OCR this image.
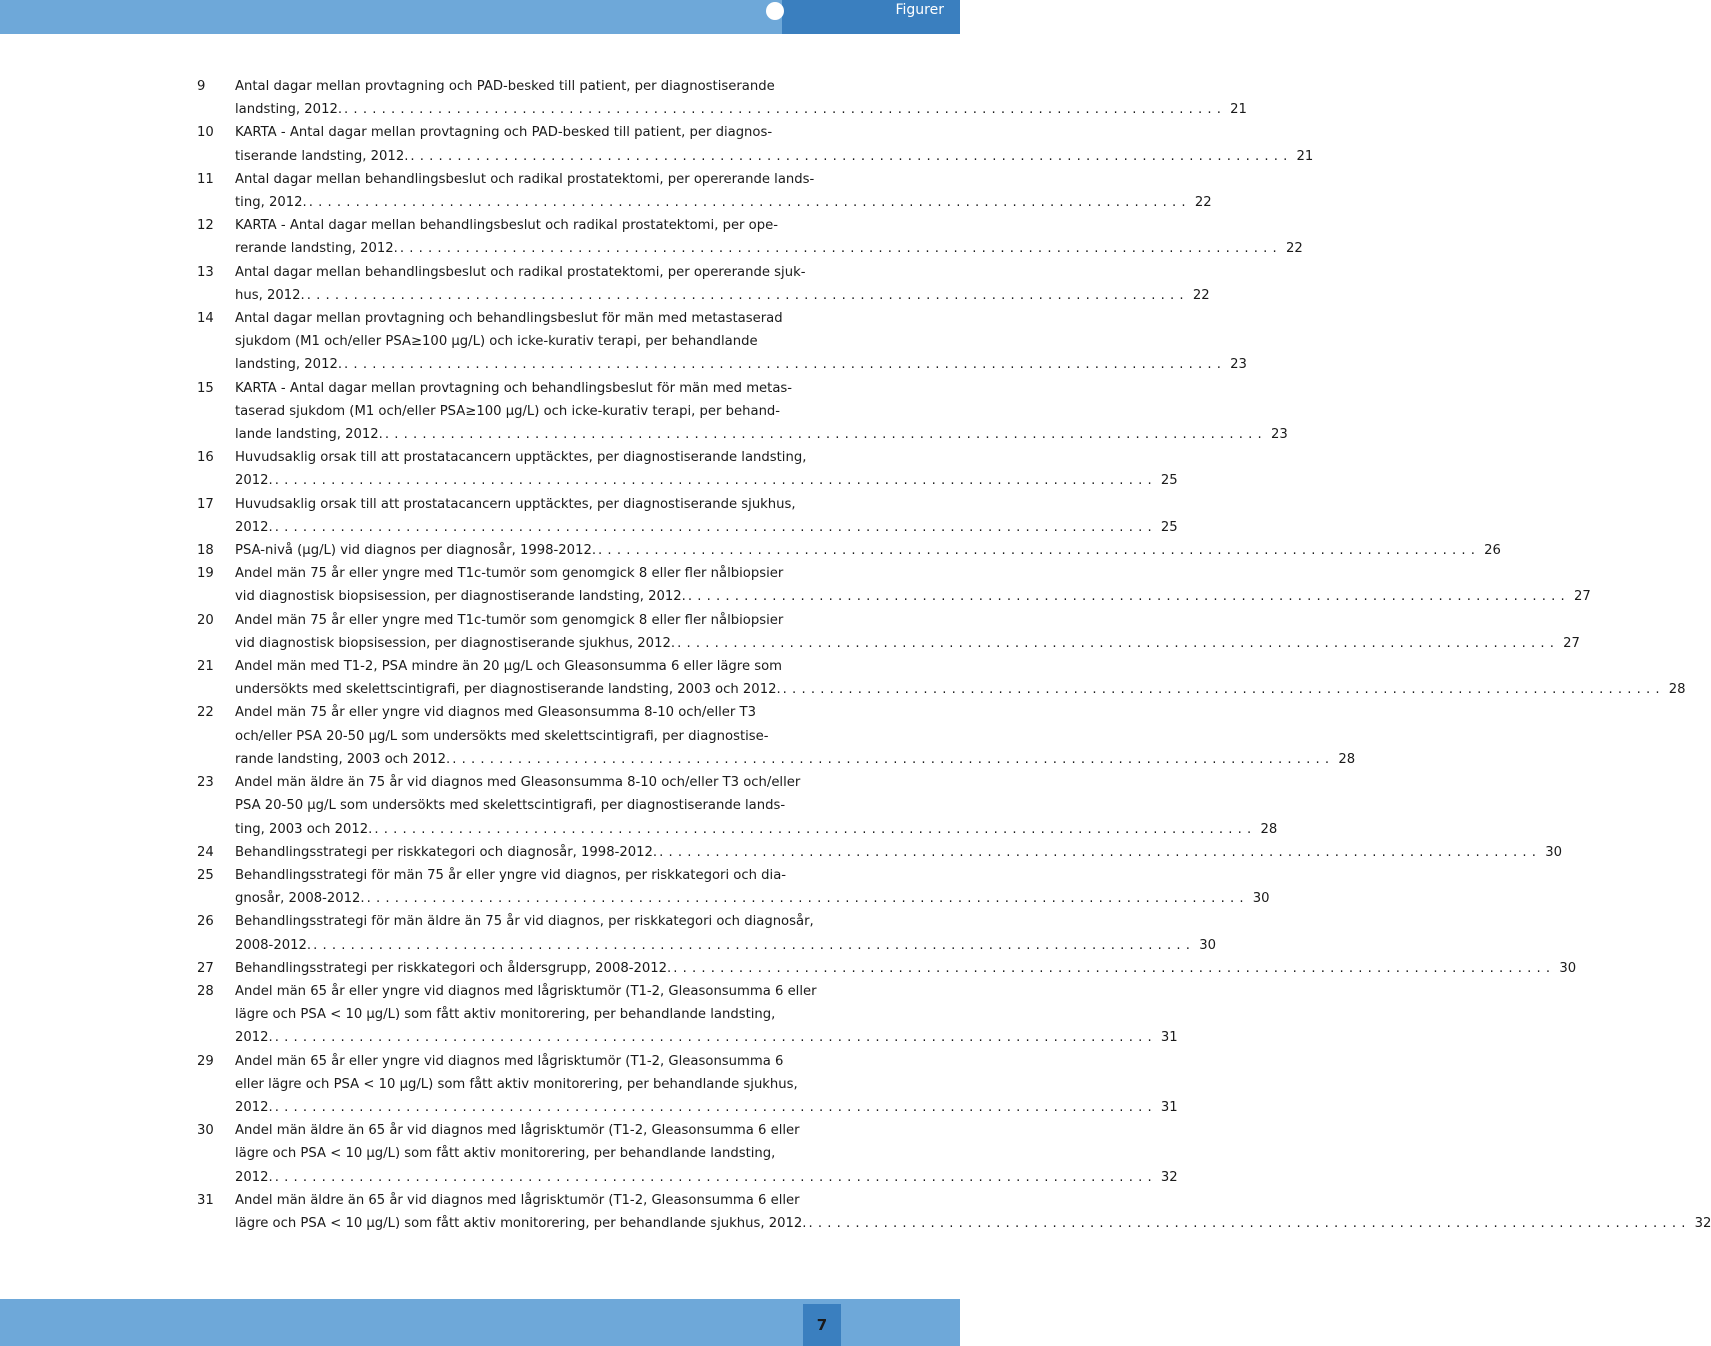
Figurer
9	Antal dagar mellan provtagning och PAD-besked till patient, per diagnostiserande
landsting, 2012. . . .	21
10	KARTA - Antal dagar mellan provtagning och PAD-besked till patient, per diagnos-
tiserande landsting, 2012. . . .	21
11	Antal dagar mellan behandlingsbeslut och radikal prostatektomi, per opererande lands-
ting, 2012. . . .	22
12	KARTA - Antal dagar mellan behandlingsbeslut och radikal prostatektomi, per ope-
rerande landsting, 2012. . . .	22
13	Antal dagar mellan behandlingsbeslut och radikal prostatektomi, per opererande sjuk-
hus, 2012. . . .	22
14	Antal dagar mellan provtagning och behandlingsbeslut för män med metastaserad
sjukdom (M1 och/eller PSA≥100 μg/L) och icke-kurativ terapi, per behandlande
landsting, 2012. . . .	23
15	KARTA - Antal dagar mellan provtagning och behandlingsbeslut för män med metas-
taserad sjukdom (M1 och/eller PSA≥100 μg/L) och icke-kurativ terapi, per behand-
lande landsting, 2012. . . .	23
16	Huvudsaklig orsak till att prostatacancern upptäcktes, per diagnostiserande landsting,
2012. . . .	25
17	Huvudsaklig orsak till att prostatacancern upptäcktes, per diagnostiserande sjukhus,
2012. . . .	25
18	PSA-nivå (μg/L) vid diagnos per diagnosår, 1998-2012. . . .	26
19	Andel män 75 år eller yngre med T1c-tumör som genomgick 8 eller fler nålbiopsier
vid diagnostisk biopsisession, per diagnostiserande landsting, 2012. . . .	27
20	Andel män 75 år eller yngre med T1c-tumör som genomgick 8 eller fler nålbiopsier
vid diagnostisk biopsisession, per diagnostiserande sjukhus, 2012. . . .	27
21	Andel män med T1-2, PSA mindre än 20 μg/L och Gleasonsumma 6 eller lägre som
undersökts med skelettscintigrafi, per diagnostiserande landsting, 2003 och 2012. . . .	28
22	Andel män 75 år eller yngre vid diagnos med Gleasonsumma 8-10 och/eller T3
och/eller PSA 20-50 μg/L som undersökts med skelettscintigrafi, per diagnostise-
rande landsting, 2003 och 2012. . . .	28
23	Andel män äldre än 75 år vid diagnos med Gleasonsumma 8-10 och/eller T3 och/eller
PSA 20-50 μg/L som undersökts med skelettscintigrafi, per diagnostiserande lands-
ting, 2003 och 2012. . . .	28
24	Behandlingsstrategi per riskkategori och diagnosår, 1998-2012. . . .	30
25	Behandlingsstrategi för män 75 år eller yngre vid diagnos, per riskkategori och dia-
gnosår, 2008-2012. . . .	30
26	Behandlingsstrategi för män äldre än 75 år vid diagnos, per riskkategori och diagnosår,
2008-2012. . . .	30
27	Behandlingsstrategi per riskkategori och åldersgrupp, 2008-2012. . . .	30
28	Andel män 65 år eller yngre vid diagnos med lågrisktumör (T1-2, Gleasonsumma 6 eller
lägre och PSA < 10 μg/L) som fått aktiv monitorering, per behandlande landsting,
2012. . . .	31
29	Andel män 65 år eller yngre vid diagnos med lågrisktumör (T1-2, Gleasonsumma 6
eller lägre och PSA < 10 μg/L) som fått aktiv monitorering, per behandlande sjukhus,
2012. . . .	31
30	Andel män äldre än 65 år vid diagnos med lågrisktumör (T1-2, Gleasonsumma 6 eller
lägre och PSA < 10 μg/L) som fått aktiv monitorering, per behandlande landsting,
2012. . . .	32
31	Andel män äldre än 65 år vid diagnos med lågrisktumör (T1-2, Gleasonsumma 6 eller
lägre och PSA < 10 μg/L) som fått aktiv monitorering, per behandlande sjukhus, 2012. . . .	32
7
